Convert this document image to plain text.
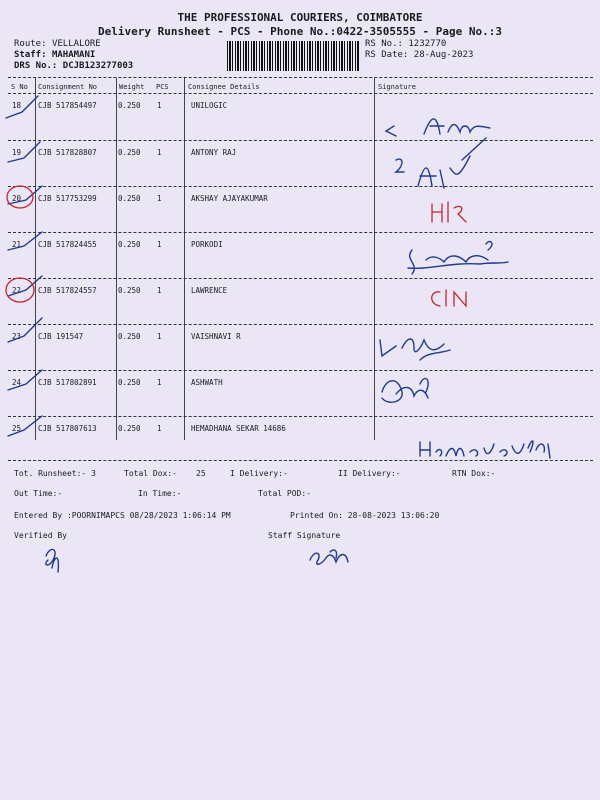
THE PROFESSIONAL COURIERS, COIMBATORE
Delivery Runsheet - PCS - Phone No.:0422-3505555 - Page No.:3
Route: VELLALORE
Staff: MAHAMANI
DRS No.: DCJB123277003
RS No.: 1232770
RS Date: 28-Aug-2023
S No Consignment No	Weight PCS	Consignee Details	Signature
18 CJB 517854497	0.250 1	UNILOGIC
19 CJB 517828807	0.250 1	ANTONY RAJ
20 CJB 517753299	0.250 1	AKSHAY AJAYAKUMAR
21 CJB 517824455	0.250 1	PORKODI
22 CJB 517824557	0.250 1	LAWRENCE
23 CJB 191547	0.250 1	VAISHNAVI R
24 CJB 517802891	0.250 1	ASHWATH
25 CJB 517807613	0.250 1	HEMADHANA SEKAR 14686
Tot. Runsheet:- 3	Total Dox:- 25	I Delivery:-	II Delivery:-	RTN Dox:-
Out Time:-	In Time:-	Total POD:-
Entered By :POORNIMAPCS 08/28/2023 1:06:14 PM	Printed On: 28-08-2023 13:06:20
Verified By	Staff Signature
